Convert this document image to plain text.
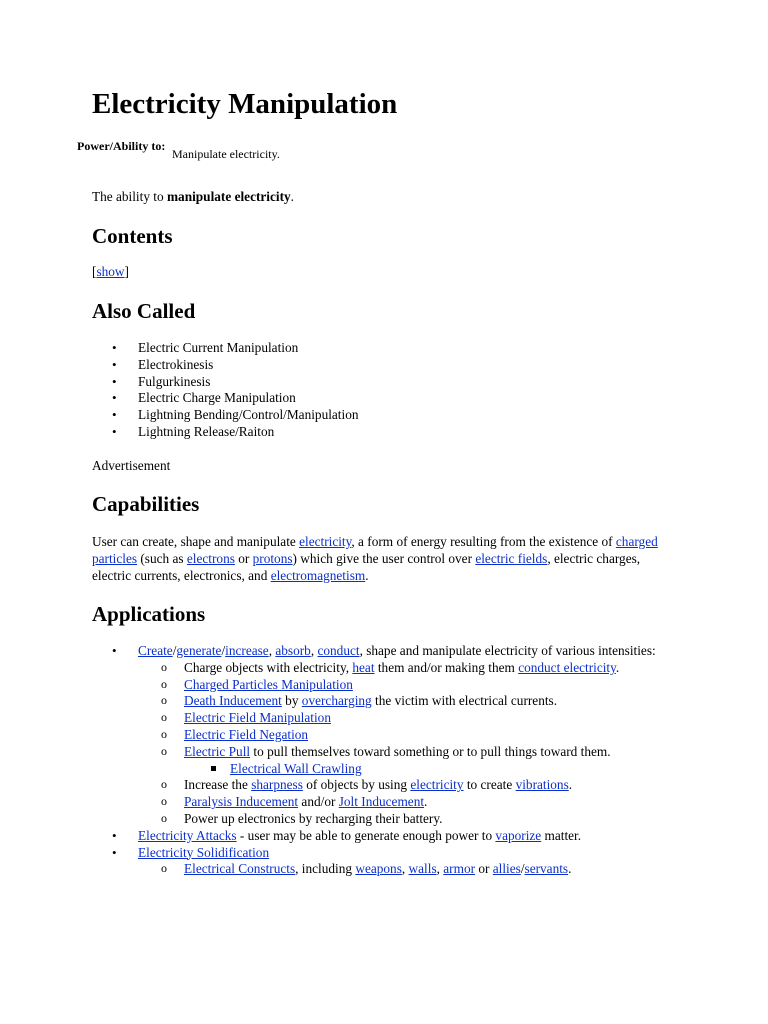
Electricity Manipulation
Power/Ability to:
Manipulate electricity.
The ability to manipulate electricity.
Contents
[show]
Also Called
• Electric Current Manipulation
• Electrokinesis
• Fulgurkinesis
• Electric Charge Manipulation
• Lightning Bending/Control/Manipulation
• Lightning Release/Raiton
Advertisement
Capabilities

User can create, shape and manipulate electricity, a form of energy resulting from the existence of charged particles (such as electrons or protons) which give the user control over electric fields, electric charges, electric currents, electronics, and electromagnetism.

Applications
• Create/generate/increase, absorb, conduct, shape and manipulate electricity of various intensities:
o Charge objects with electricity, heat them and/or making them conduct electricity.
o Charged Particles Manipulation
o Death Inducement by overcharging the victim with electrical currents.
o Electric Field Manipulation
o Electric Field Negation
o Electric Pull to pull themselves toward something or to pull things toward them.
Electrical Wall Crawling
o Increase the sharpness of objects by using electricity to create vibrations.
o Paralysis Inducement and/or Jolt Inducement.
o Power up electronics by recharging their battery.
• Electricity Attacks - user may be able to generate enough power to vaporize matter.
• Electricity Solidification
o Electrical Constructs, including weapons, walls, armor or allies/servants.
